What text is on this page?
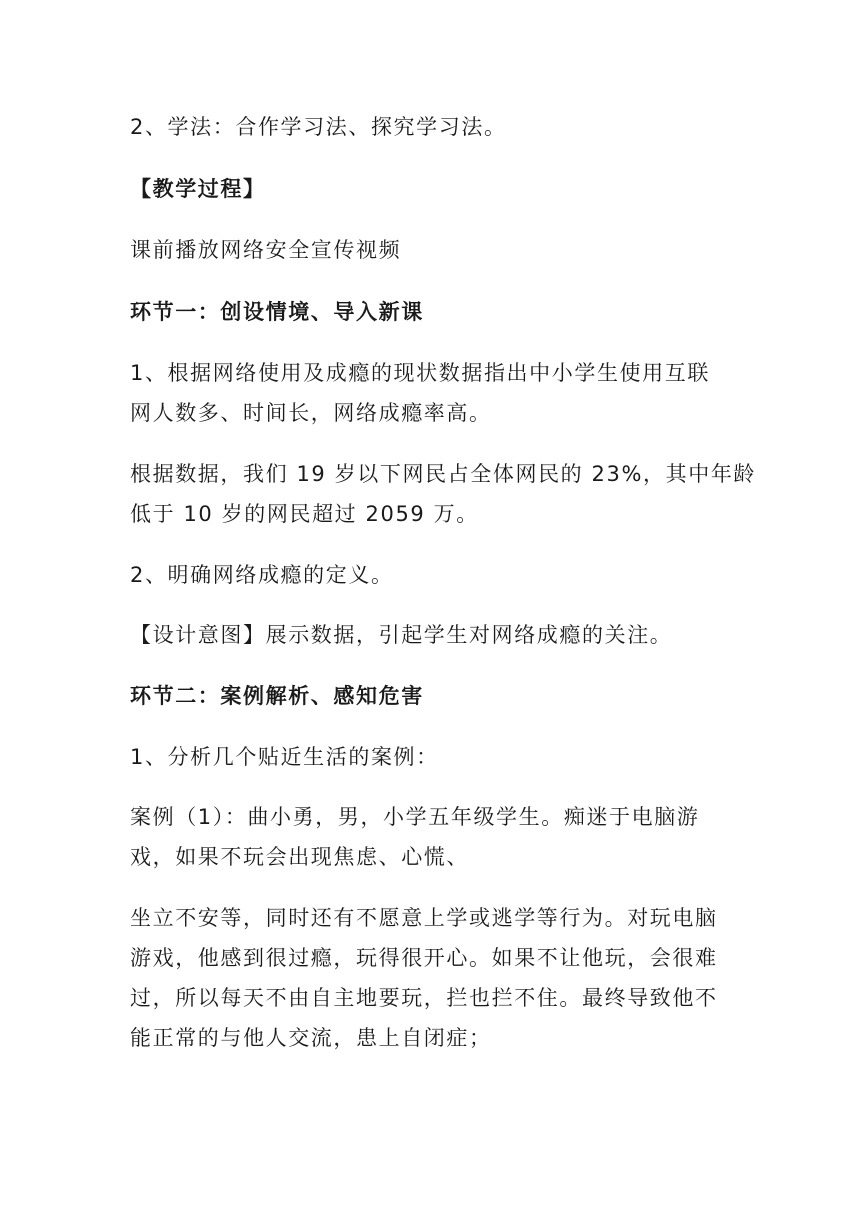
2、学法：合作学习法、探究学习法。
【教学过程】
课前播放网络安全宣传视频
环节一：创设情境、导入新课
1、根据网络使用及成瘾的现状数据指出中小学生使用互联
网人数多、时间长，网络成瘾率高。
根据数据，我们 19 岁以下网民占全体网民的 23%，其中年龄
低于 10 岁的网民超过 2059 万。
2、明确网络成瘾的定义。
【设计意图】展示数据，引起学生对网络成瘾的关注。
环节二：案例解析、感知危害
1、分析几个贴近生活的案例：
案例（1）：曲小勇，男，小学五年级学生。痴迷于电脑游
戏，如果不玩会出现焦虑、心慌、
坐立不安等，同时还有不愿意上学或逃学等行为。对玩电脑
游戏，他感到很过瘾，玩得很开心。如果不让他玩，会很难
过，所以每天不由自主地要玩，拦也拦不住。最终导致他不
能正常的与他人交流，患上自闭症；
